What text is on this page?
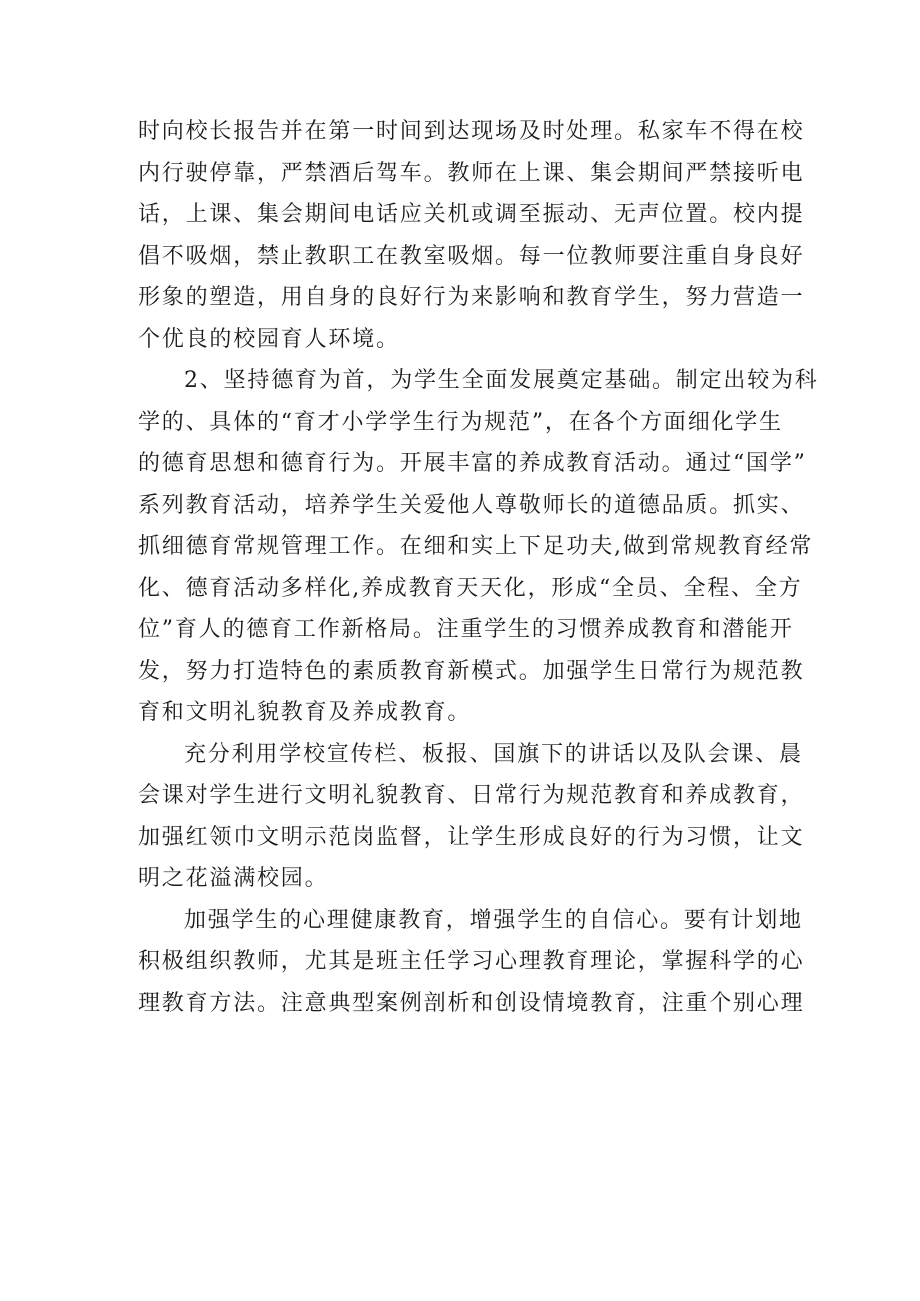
时向校长报告并在第一时间到达现场及时处理。私家车不得在校
内行驶停靠，严禁酒后驾车。教师在上课、集会期间严禁接听电
话，上课、集会期间电话应关机或调至振动、无声位置。校内提
倡不吸烟，禁止教职工在教室吸烟。每一位教师要注重自身良好
形象的塑造，用自身的良好行为来影响和教育学生，努力营造一
个优良的校园育人环境。
2、坚持德育为首，为学生全面发展奠定基础。制定出较为科
学的、具体的“育才小学学生行为规范”，在各个方面细化学生
的德育思想和德育行为。开展丰富的养成教育活动。通过“国学”
系列教育活动，培养学生关爱他人尊敬师长的道德品质。抓实、
抓细德育常规管理工作。在细和实上下足功夫,做到常规教育经常
化、德育活动多样化,养成教育天天化，形成“全员、全程、全方
位”育人的德育工作新格局。注重学生的习惯养成教育和潜能开
发，努力打造特色的素质教育新模式。加强学生日常行为规范教
育和文明礼貌教育及养成教育。
充分利用学校宣传栏、板报、国旗下的讲话以及队会课、晨
会课对学生进行文明礼貌教育、日常行为规范教育和养成教育，
加强红领巾文明示范岗监督，让学生形成良好的行为习惯，让文
明之花溢满校园。
加强学生的心理健康教育，增强学生的自信心。要有计划地
积极组织教师，尤其是班主任学习心理教育理论，掌握科学的心
理教育方法。注意典型案例剖析和创设情境教育，注重个别心理
